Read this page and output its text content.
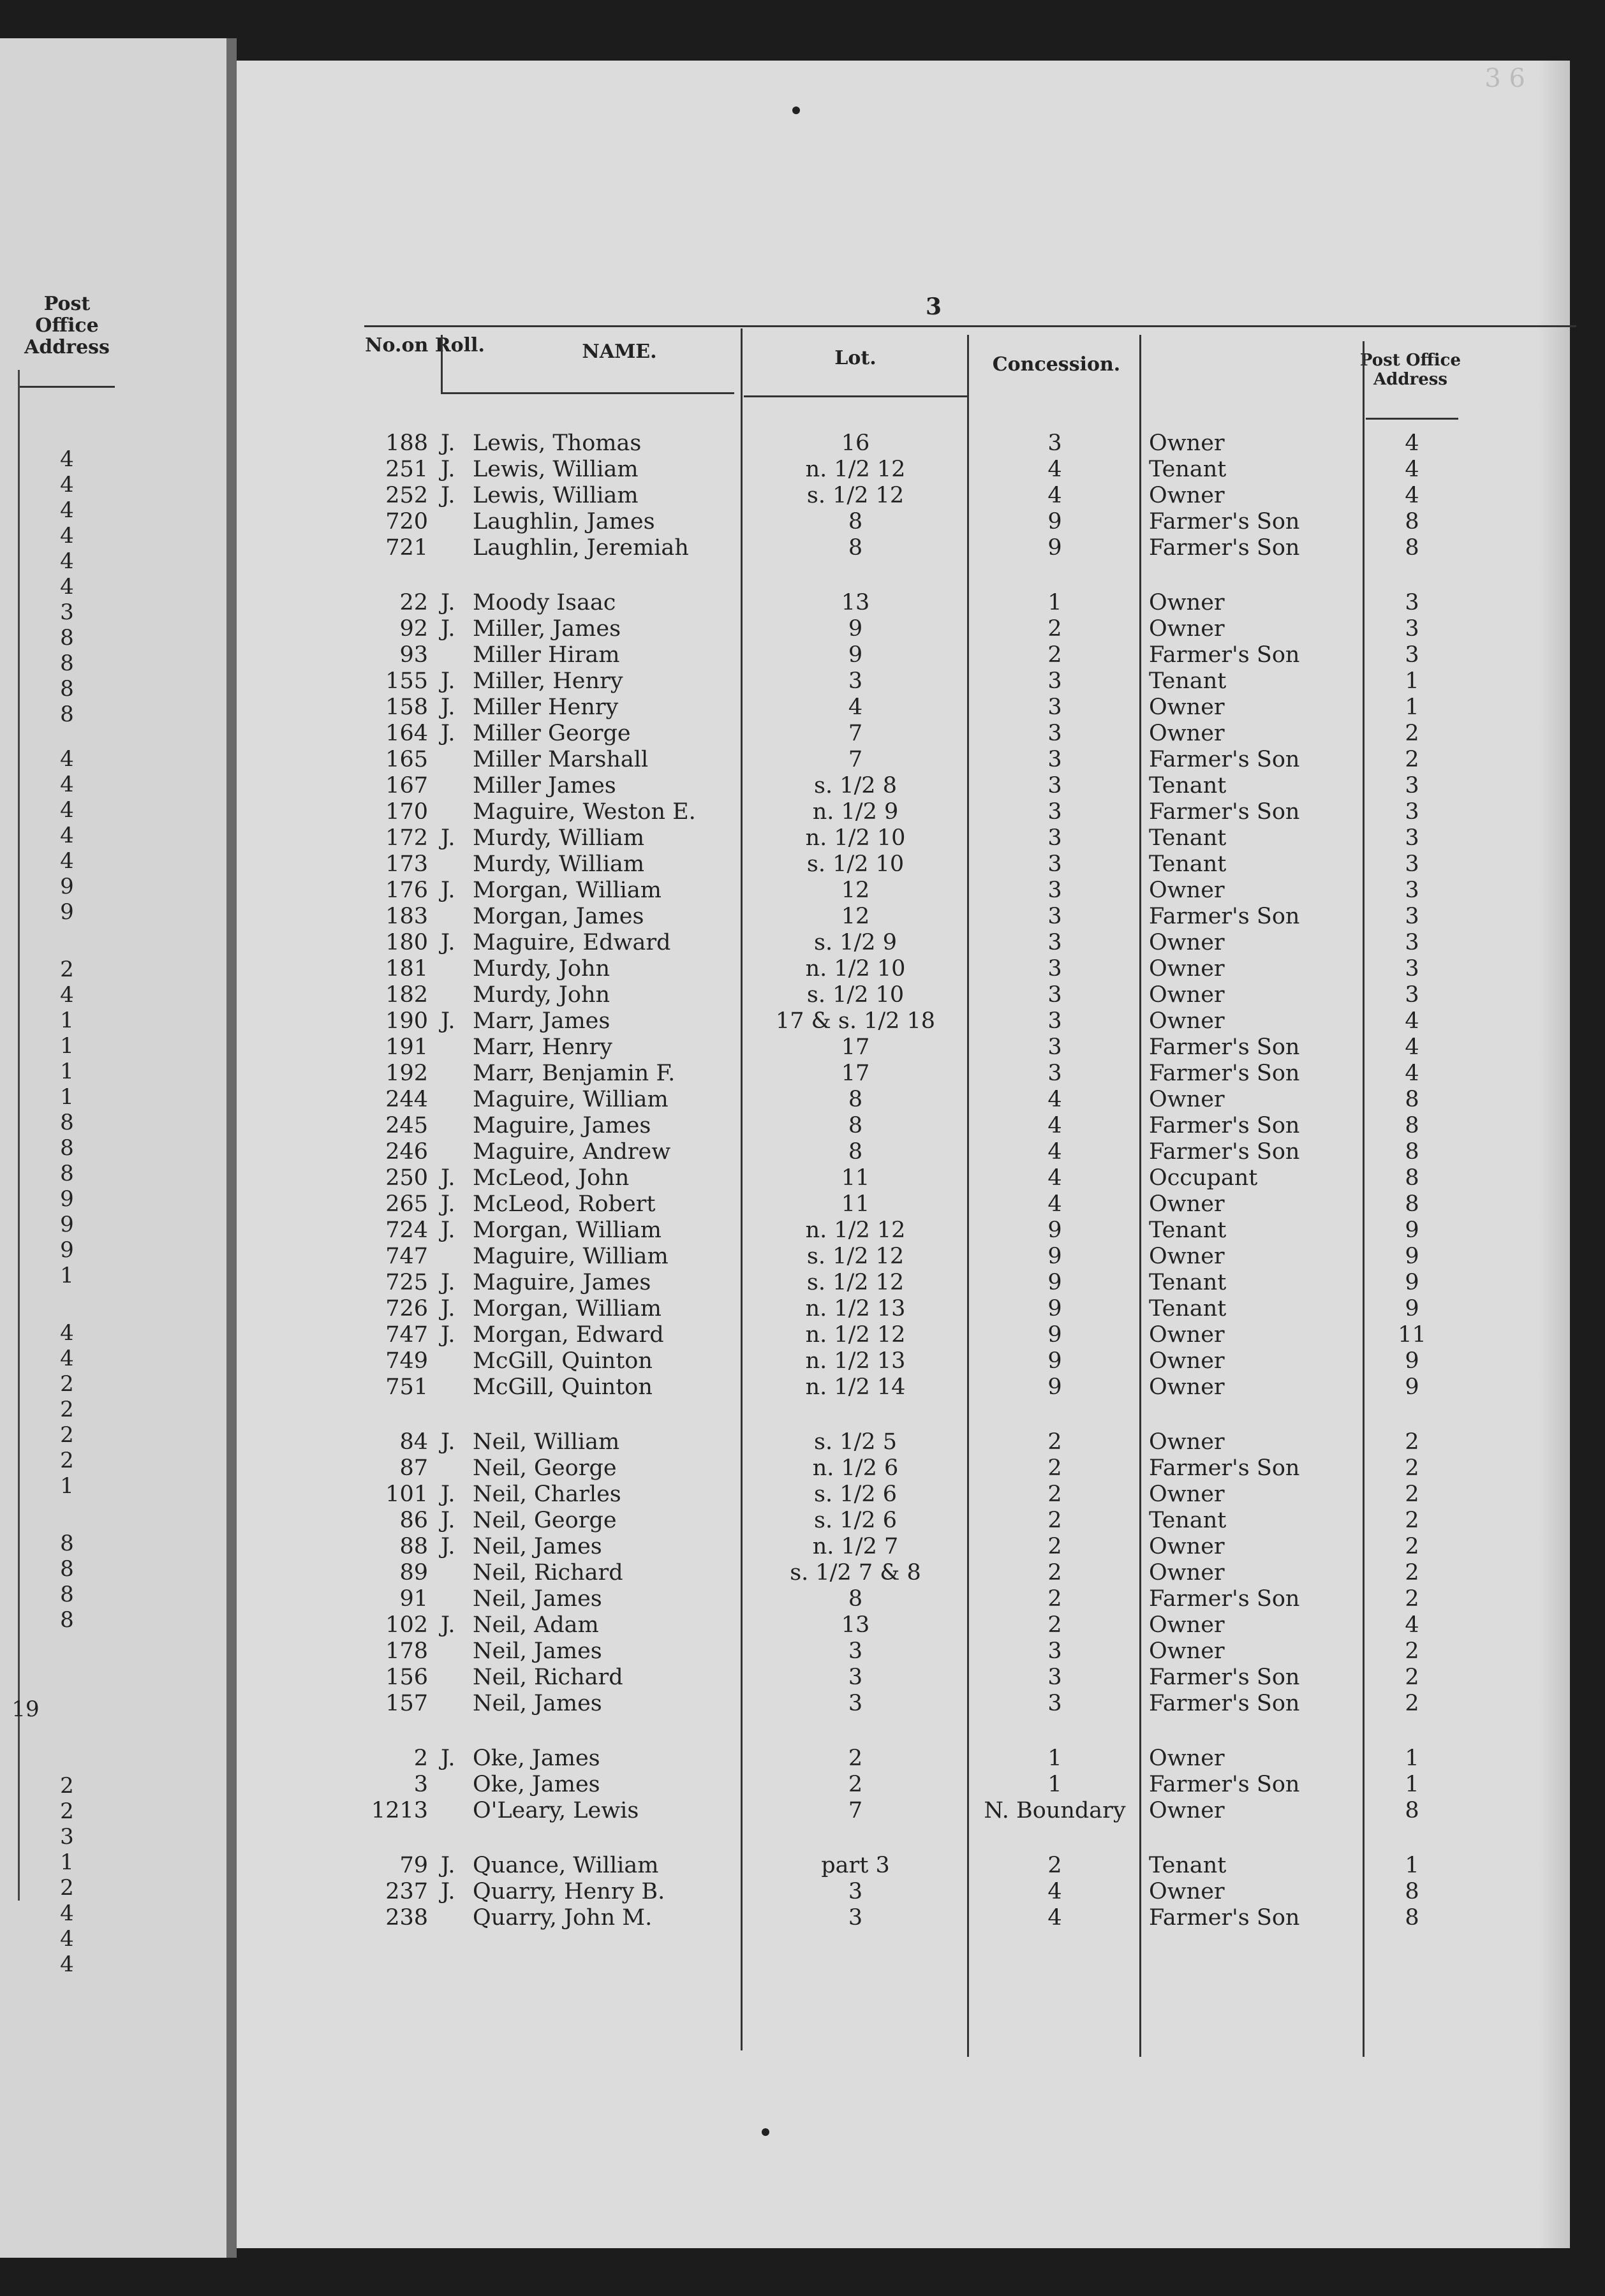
Post Office Address
4
4
4
4
4
4
3
8
8
8
8
4
4
4
4
4
9
9
2
4
1
1
1
1
8
8
8
9
9
9
1
4
4
2
2
2
2
1
8
8
8
8
19
2
2
3
1
2
4
4
4
3 6
3
No.on Roll.	NAME.	Lot.	Concession.	Post Office Address
188 J. Lewis, Thomas	16	3	Owner	4
251 J. Lewis, William	n. 1/2 12	4	Tenant	4
252 J. Lewis, William	s. 1/2 12	4	Owner	4
720 Laughlin, James	8	9	Farmer's Son	8
721 Laughlin, Jeremiah	8	9	Farmer's Son	8
22 J. Moody Isaac	13	1	Owner	3
92 J. Miller, James	9	2	Owner	3
93 Miller Hiram	9	2	Farmer's Son	3
155 J. Miller, Henry	3	3	Tenant	1
158 J. Miller Henry	4	3	Owner	1
164 J. Miller George	7	3	Owner	2
165 Miller Marshall	7	3	Farmer's Son	2
167 Miller James	s. 1/2 8	3	Tenant	3
170 Maguire, Weston E.	n. 1/2 9	3	Farmer's Son	3
172 J. Murdy, William	n. 1/2 10	3	Tenant	3
173 Murdy, William	s. 1/2 10	3	Tenant	3
176 J. Morgan, William	12	3	Owner	3
183 Morgan, James	12	3	Farmer's Son	3
180 J. Maguire, Edward	s. 1/2 9	3	Owner	3
181 Murdy, John	n. 1/2 10	3	Owner	3
182 Murdy, John	s. 1/2 10	3	Owner	3
190 J. Marr, James	17 & s. 1/2 18	3	Owner	4
191 Marr, Henry	17	3	Farmer's Son	4
192 Marr, Benjamin F.	17	3	Farmer's Son	4
244 Maguire, William	8	4	Owner	8
245 Maguire, James	8	4	Farmer's Son	8
246 Maguire, Andrew	8	4	Farmer's Son	8
250 J. McLeod, John	11	4	Occupant	8
265 J. McLeod, Robert	11	4	Owner	8
724 J. Morgan, William	n. 1/2 12	9	Tenant	9
747 Maguire, William	s. 1/2 12	9	Owner	9
725 J. Maguire, James	s. 1/2 12	9	Tenant	9
726 J. Morgan, William	n. 1/2 13	9	Tenant	9
747 J. Morgan, Edward	n. 1/2 12	9	Owner	11
749 McGill, Quinton	n. 1/2 13	9	Owner	9
751 McGill, Quinton	n. 1/2 14	9	Owner	9
84 J. Neil, William	s. 1/2 5	2	Owner	2
87 Neil, George	n. 1/2 6	2	Farmer's Son	2
101 J. Neil, Charles	s. 1/2 6	2	Owner	2
86 J. Neil, George	s. 1/2 6	2	Tenant	2
88 J. Neil, James	n. 1/2 7	2	Owner	2
89 Neil, Richard	s. 1/2 7 & 8	2	Owner	2
91 Neil, James	8	2	Farmer's Son	2
102 J. Neil, Adam	13	2	Owner	4
178 Neil, James	3	3	Owner	2
156 Neil, Richard	3	3	Farmer's Son	2
157 Neil, James	3	3	Farmer's Son	2
2 J. Oke, James	2	1	Owner	1
3 Oke, James	2	1	Farmer's Son	1
1213 O'Leary, Lewis	7	N. Boundary	Owner	8
79 J. Quance, William	part 3	2	Tenant	1
237 J. Quarry, Henry B.	3	4	Owner	8
238 Quarry, John M.	3	4	Farmer's Son	8
